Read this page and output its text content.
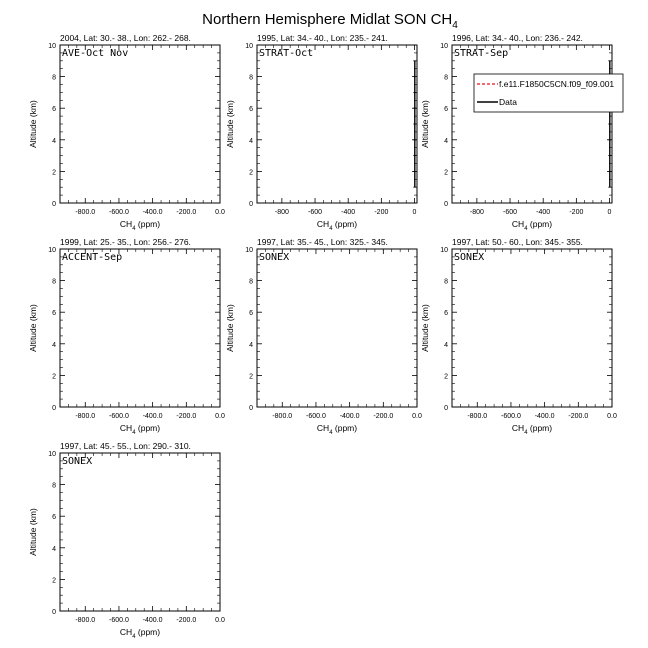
Northern Hemisphere Midlat SON $CH_4$
2004, Lat: 30.- 38., Lon: 262.- 268.
AVE-Oct Nov
0
2
4
6
8
10
-800.0 -600.0 -400.0 -200.0	0.0
$CH_4$ (ppm)
Altitude (km)
1995, Lat: 34.- 40., Lon: 235.- 241.
STRAT-Oct
0
2
4
6
8
10
-800	-600	-400	-200	0
$CH_4$ (ppm)
Altitude (km)
1996, Lat: 34.- 40., Lon: 236.- 242.
STRAT-Sep
0
2
4
6
8
10
-800	-600	-400	-200	0
$CH_4$ (ppm)
Altitude (km)
1999, Lat: 25.- 35., Lon: 256.- 276.
ACCENT-Sep
0
2
4
6
8
10
-800.0 -600.0 -400.0 -200.0	0.0
$CH_4$ (ppm)
Altitude (km)
1997, Lat: 35.- 45., Lon: 325.- 345.
SONEX
0
2
4
6
8
10
-800.0 -600.0 -400.0 -200.0	0.0
$CH_4$ (ppm)
Altitude (km)
1997, Lat: 50.- 60., Lon: 345.- 355.
SONEX
0
2
4
6
8
10
-800.0 -600.0 -400.0 -200.0	0.0
$CH_4$ (ppm)
Altitude (km)
1997, Lat: 45.- 55., Lon: 290.- 310.
SONEX
0
2
4
6
8
10
-800.0 -600.0 -400.0 -200.0	0.0
$CH_4$ (ppm)
Altitude (km)
f.e11.F1850C5CN.f09_f09.001
Data
